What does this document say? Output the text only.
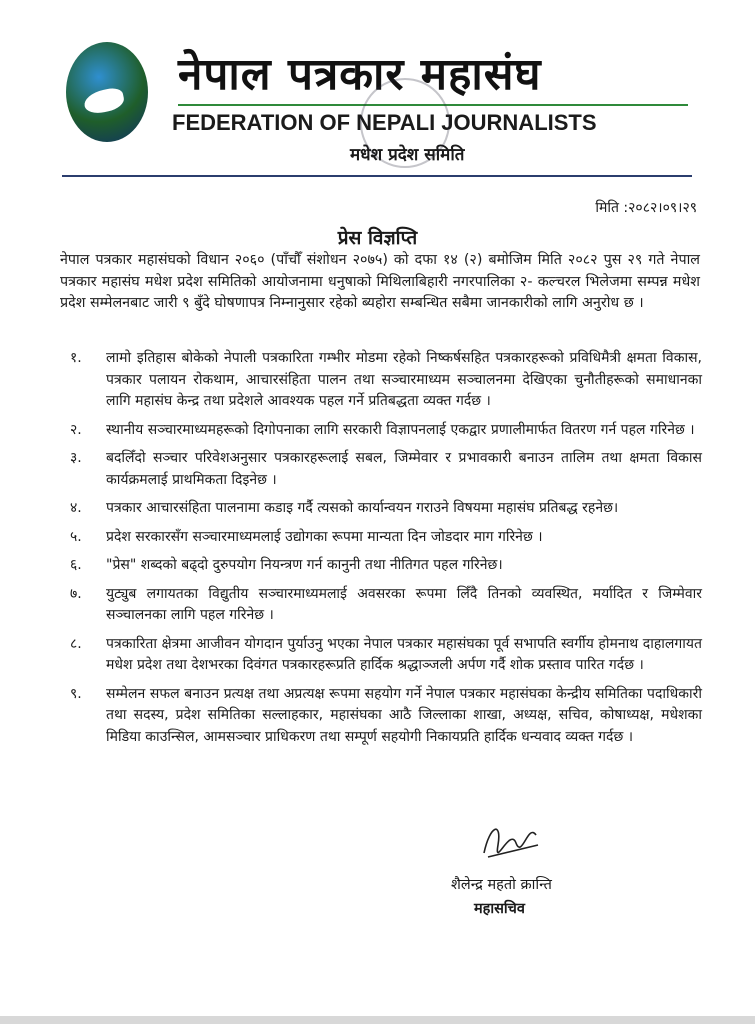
नेपाल पत्रकार महासंघ
FEDERATION OF NEPALI JOURNALISTS
मधेश प्रदेश समिति
मिति :२०८२।०९।२९
प्रेस विज्ञप्ति
नेपाल पत्रकार महासंघको विधान २०६० (पाँचौँ संशोधन २०७५) को दफा १४ (२) बमोजिम मिति २०८२ पुस २९ गते नेपाल पत्रकार महासंघ मधेश प्रदेश समितिको आयोजनामा धनुषाको मिथिलाबिहारी नगरपालिका २- कल्चरल भिलेजमा सम्पन्न मधेश प्रदेश सम्मेलनबाट जारी ९ बुँदे घोषणापत्र निम्नानुसार रहेको ब्यहोरा सम्बन्धित सबैमा जानकारीको लागि अनुरोध छ ।
१.	लामो इतिहास बोकेको नेपाली पत्रकारिता गम्भीर मोडमा रहेको निष्कर्षसहित पत्रकारहरूको प्रविधिमैत्री क्षमता विकास, पत्रकार पलायन रोकथाम, आचारसंहिता पालन तथा सञ्चारमाध्यम सञ्चालनमा देखिएका चुनौतीहरूको समाधानका लागि महासंघ केन्द्र तथा प्रदेशले आवश्यक पहल गर्ने प्रतिबद्धता व्यक्त गर्दछ ।
२.	स्थानीय सञ्चारमाध्यमहरूको दिगोपनाका लागि सरकारी विज्ञापनलाई एकद्वार प्रणालीमार्फत वितरण गर्न पहल गरिनेछ ।
३.	बदलिँदो सञ्चार परिवेशअनुसार पत्रकारहरूलाई सबल, जिम्मेवार र प्रभावकारी बनाउन तालिम तथा क्षमता विकास कार्यक्रमलाई प्राथमिकता दिइनेछ ।
४.	पत्रकार आचारसंहिता पालनामा कडाइ गर्दै त्यसको कार्यान्वयन गराउने विषयमा महासंघ प्रतिबद्ध रहनेछ।
५.	प्रदेश सरकारसँग सञ्चारमाध्यमलाई उद्योगका रूपमा मान्यता दिन जोडदार माग गरिनेछ ।
६.	"प्रेस" शब्दको बढ्दो दुरुपयोग नियन्त्रण गर्न कानुनी तथा नीतिगत पहल गरिनेछ।
७.	युट्युब लगायतका विद्युतीय सञ्चारमाध्यमलाई अवसरका रूपमा लिँदै तिनको व्यवस्थित, मर्यादित र जिम्मेवार सञ्चालनका लागि पहल गरिनेछ ।
८.	पत्रकारिता क्षेत्रमा आजीवन योगदान पुर्याउनु भएका नेपाल पत्रकार महासंघका पूर्व सभापति स्वर्गीय होमनाथ दाहालगायत मधेश प्रदेश तथा देशभरका दिवंगत पत्रकारहरूप्रति हार्दिक श्रद्धाञ्जली अर्पण गर्दै शोक प्रस्ताव पारित गर्दछ ।
९.	सम्मेलन सफल बनाउन प्रत्यक्ष तथा अप्रत्यक्ष रूपमा सहयोग गर्ने नेपाल पत्रकार महासंघका केन्द्रीय समितिका पदाधिकारी तथा सदस्य, प्रदेश समितिका सल्लाहकार, महासंघका आठै जिल्लाका शाखा, अध्यक्ष, सचिव, कोषाध्यक्ष, मधेशका मिडिया काउन्सिल, आमसञ्चार प्राधिकरण तथा सम्पूर्ण सहयोगी निकायप्रति हार्दिक धन्यवाद व्यक्त गर्दछ ।
शैलेन्द्र महतो क्रान्ति
महासचिव
